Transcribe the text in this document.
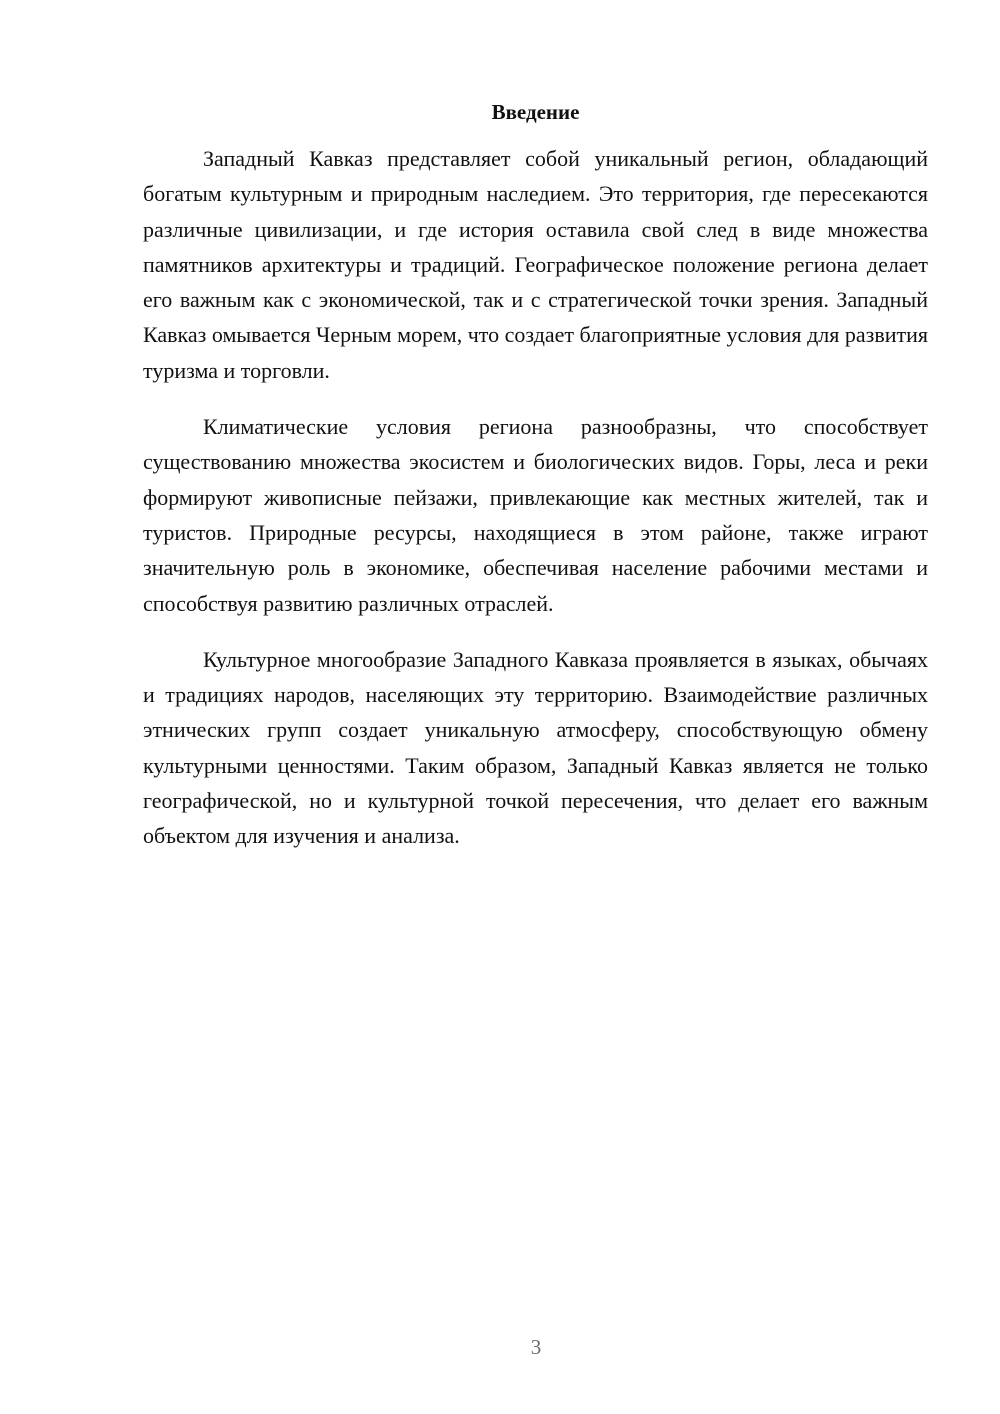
Введение

Западный Кавказ представляет собой уникальный регион, обладающий богатым культурным и природным наследием. Это территория, где пересекаются различные цивилизации, и где история оставила свой след в виде множества памятников архитектуры и традиций. Географическое положение региона делает его важным как с экономической, так и с стратегической точки зрения. Западный Кавказ омывается Черным морем, что создает благоприятные условия для развития туризма и торговли.

Климатические условия региона разнообразны, что способствует существованию множества экосистем и биологических видов. Горы, леса и реки формируют живописные пейзажи, привлекающие как местных жителей, так и туристов. Природные ресурсы, находящиеся в этом районе, также играют значительную роль в экономике, обеспечивая население рабочими местами и способствуя развитию различных отраслей.

Культурное многообразие Западного Кавказа проявляется в языках, обычаях и традициях народов, населяющих эту территорию. Взаимодействие различных этнических групп создает уникальную атмосферу, способствующую обмену культурными ценностями. Таким образом, Западный Кавказ является не только географической, но и культурной точкой пересечения, что делает его важным объектом для изучения и анализа.

3
